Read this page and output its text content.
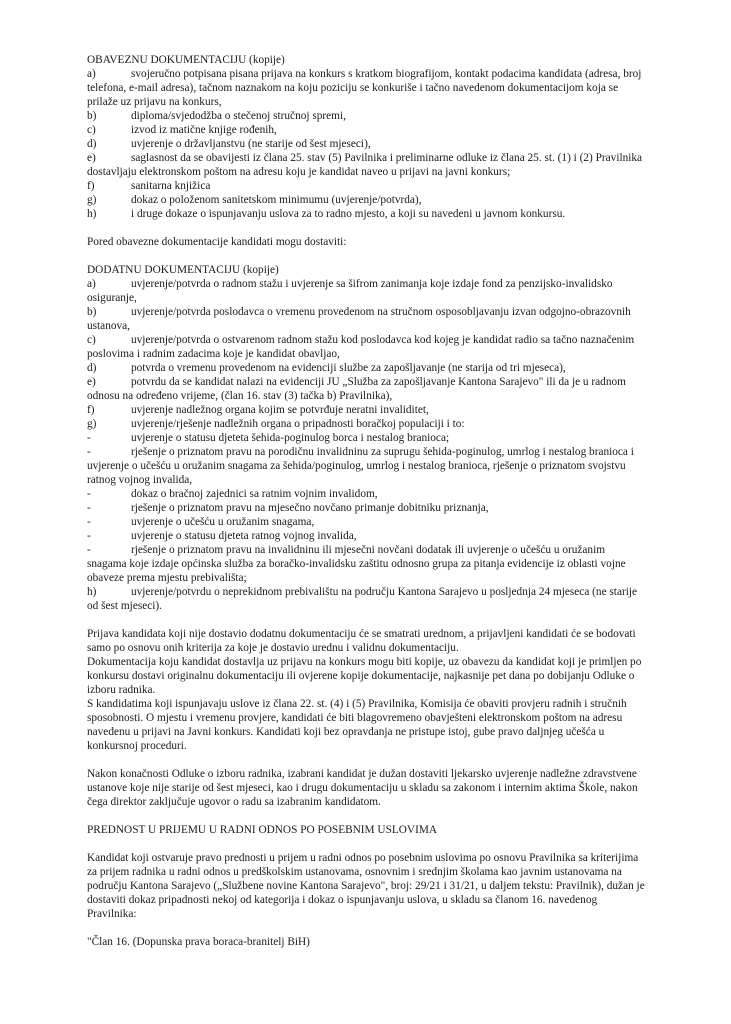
OBAVEZNU DOKUMENTACIJU (kopije)
a)	svojeručno potpisana pisana prijava na konkurs s kratkom biografijom, kontakt podacima kandidata (adresa, broj telefona, e-mail adresa), tačnom naznakom na koju poziciju se konkuriše i tačno navedenom dokumentacijom koja se prilaže uz prijavu na konkurs,
b)	diploma/svjedodžba o stečenoj stručnoj spremi,
c)	izvod iz matične knjige rođenih,
d)	uvjerenje o državljanstvu (ne starije od šest mjeseci),
e)	saglasnost da se obavijesti iz člana 25. stav (5) Pavilnika i preliminarne odluke iz člana 25. st. (1) i (2) Pravilnika dostavljaju elektronskom poštom na adresu koju je kandidat naveo u prijavi na javni konkurs;
f)	sanitarna knjižica
g)	dokaz o položenom sanitetskom minimumu (uvjerenje/potvrda),
h)	i druge dokaze o ispunjavanju uslova za to radno mjesto, a koji su navedeni u javnom konkursu.
Pored obavezne dokumentacije kandidati mogu dostaviti:
DODATNU DOKUMENTACIJU (kopije)
a)	uvjerenje/potvrda o radnom stažu i uvjerenje sa šifrom zanimanja koje izdaje fond za penzijsko-invalidsko osiguranje,
b)	uvjerenje/potvrda poslodavca o vremenu provedenom na stručnom osposobljavanju izvan odgojno-obrazovnih ustanova,
c)	uvjerenje/potvrda o ostvarenom radnom stažu kod poslodavca kod kojeg je kandidat radio sa tačno naznačenim poslovima i radnim zadacima koje je kandidat obavljao,
d)	potvrda o vremenu provedenom na evidenciji službe za zapošljavanje (ne starija od tri mjeseca),
e)	potvrdu da se kandidat nalazi na evidenciji JU „Služba za zapošljavanje Kantona Sarajevo" ili da je u radnom odnosu na određeno vrijeme, (član 16. stav (3) tačka b) Pravilnika),
f)	uvjerenje nadležnog organa kojim se potvrđuje neratni invaliditet,
g)	uvjerenje/rješenje nadležnih organa o pripadnosti boračkoj populaciji i to:
-	uvjerenje o statusu djeteta šehida-poginulog borca i nestalog branioca;
-	rješenje o priznatom pravu na porodičnu invalidninu za suprugu šehida-poginulog, umrlog i nestalog branioca i uvjerenje o učešću u oružanim snagama za šehida/poginulog, umrlog i nestalog branioca, rješenje o priznatom svojstvu ratnog vojnog invalida,
-	dokaz o bračnoj zajednici sa ratnim vojnim invalidom,
-	rješenje o priznatom pravu na mjesečno novčano primanje dobitniku priznanja,
-	uvjerenje o učešću u oružanim snagama,
-	uvjerenje o statusu djeteta ratnog vojnog invalida,
-	rješenje o priznatom pravu na invalidninu ili mjesečni novčani dodatak ili uvjerenje o učešću u oružanim snagama koje izdaje općinska služba za boračko-invalidsku zaštitu odnosno grupa za pitanja evidencije iz oblasti vojne obaveze prema mjestu prebivališta;
h)	uvjerenje/potvrdu o neprekidnom prebivalištu na području Kantona Sarajevo u posljednja 24 mjeseca (ne starije od šest mjeseci).
Prijava kandidata koji nije dostavio dodatnu dokumentaciju će se smatrati urednom, a prijavljeni kandidati će se bodovati samo po osnovu onih kriterija za koje je dostavio urednu i validnu dokumentaciju.
Dokumentacija koju kandidat dostavlja uz prijavu na konkurs mogu biti kopije, uz obavezu da kandidat koji je primljen po konkursu dostavi originalnu dokumentaciju ili ovjerene kopije dokumentacije, najkasnije pet dana po dobijanju Odluke o izboru radnika.
S kandidatima koji ispunjavaju uslove iz člana 22. st. (4) i (5) Pravilnika, Komisija će obaviti provjeru radnih i stručnih sposobnosti. O mjestu i vremenu provjere, kandidati će biti blagovremeno obavješteni elektronskom poštom na adresu navedenu u prijavi na Javni konkurs. Kandidati koji bez opravdanja ne pristupe istoj, gube pravo daljnjeg učešća u konkursnoj proceduri.
Nakon konačnosti Odluke o izboru radnika, izabrani kandidat je dužan dostaviti ljekarsko uvjerenje nadležne zdravstvene ustanove koje nije starije od šest mjeseci, kao i drugu dokumentaciju u skladu sa zakonom i internim aktima Škole, nakon čega direktor zaključuje ugovor o radu sa izabranim kandidatom.
PREDNOST U PRIJEMU U RADNI ODNOS PO POSEBNIM USLOVIMA
Kandidat koji ostvaruje pravo prednosti u prijem u radni odnos po posebnim uslovima po osnovu Pravilnika sa kriterijima za prijem radnika u radni odnos u predškolskim ustanovama, osnovnim i srednjim školama kao javnim ustanovama na području Kantona Sarajevo („Službene novine Kantona Sarajevo", broj: 29/21 i 31/21, u daljem tekstu: Pravilnik), dužan je dostaviti dokaz pripadnosti nekoj od kategorija i dokaz o ispunjavanju uslova, u skladu sa članom 16. navedenog Pravilnika:
"Član 16. (Dopunska prava boraca-branitelj BiH)
